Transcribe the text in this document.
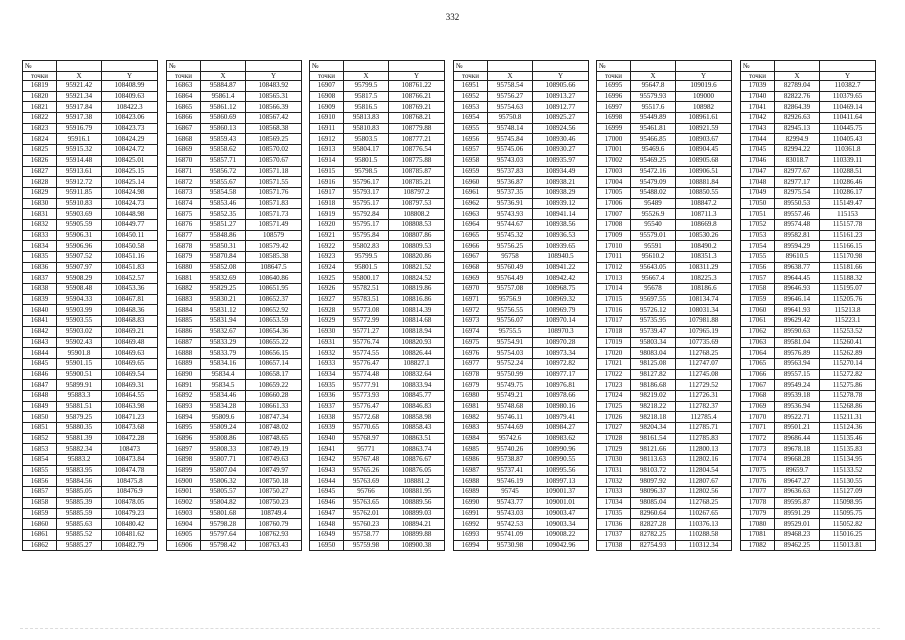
332
№		
точки	X	Y
16819	95921.42	108408.99
16820	95921.34	108409.63
16821	95917.84	108422.3
16822	95917.38	108423.06
16823	95916.79	108423.73
16824	95916.1	108424.29
16825	95915.32	108424.72
16826	95914.48	108425.01
16827	95913.61	108425.15
16828	95912.72	108425.14
16829	95911.85	108424.98
16830	95910.83	108424.73
16831	95903.69	108448.98
16832	95905.59	108449.77
16833	95906.31	108450.11
16834	95906.96	108450.58
16835	95907.52	108451.16
16836	95907.97	108451.83
16837	95908.29	108452.57
16838	95908.48	108453.36
16839	95904.33	108467.81
16840	95903.99	108468.36
16841	95903.55	108468.83
16842	95903.02	108469.21
16843	95902.43	108469.48
16844	95901.8	108469.63
16845	95901.15	108469.65
16846	95900.51	108469.54
16847	95899.91	108469.31
16848	95883.3	108464.55
16849	95881.51	108463.98
16850	95879.25	108471.23
16851	95880.35	108473.68
16852	95881.39	108472.28
16853	95882.34	108473
16854	95883.2	108473.84
16855	95883.95	108474.78
16856	95884.56	108475.8
16857	95885.05	108476.9
16858	95885.39	108478.05
16859	95885.59	108479.23
16860	95885.63	108480.42
16861	95885.52	108481.62
16862	95885.27	108482.79
№		
точки	X	Y
16863	95884.87	108483.92
16864	95861.4	108565.31
16865	95861.12	108566.39
16866	95860.69	108567.42
16867	95860.13	108568.38
16868	95859.43	108569.25
16869	95858.62	108570.02
16870	95857.71	108570.67
16871	95856.72	108571.18
16872	95855.67	108571.55
16873	95854.58	108571.76
16874	95853.46	108571.83
16875	95852.35	108571.73
16876	95851.27	108571.49
16877	95848.86	108579
16878	95850.31	108579.42
16879	95870.84	108585.38
16880	95852.08	108647.5
16881	95832.69	108640.86
16882	95829.25	108651.95
16883	95830.21	108652.37
16884	95831.12	108652.92
16885	95831.94	108653.59
16886	95832.67	108654.36
16887	95833.29	108655.22
16888	95833.79	108656.15
16889	95834.16	108657.14
16890	95834.4	108658.17
16891	95834.5	108659.22
16892	95834.46	108660.28
16893	95834.28	108661.33
16894	95809.6	108747.34
16895	95809.24	108748.02
16896	95808.86	108748.65
16897	95808.33	108749.19
16898	95807.71	108749.63
16899	95807.04	108749.97
16900	95806.32	108750.18
16901	95805.57	108750.27
16902	95804.82	108750.23
16903	95801.68	108749.4
16904	95798.28	108760.79
16905	95797.64	108762.93
16906	95798.42	108763.43
№		
точки	X	Y
16907	95799.5	108761.22
16908	95817.5	108766.21
16909	95816.5	108769.21
16910	95813.83	108768.21
16911	95810.83	108779.88
16912	95803.5	108777.21
16913	95804.17	108776.54
16914	95801.5	108775.88
16915	95798.5	108785.87
16916	95796.17	108785.21
16917	95793.17	108797.2
16918	95795.17	108797.53
16919	95792.84	108808.2
16920	95795.17	108808.53
16921	95795.84	108807.86
16922	95802.83	108809.53
16923	95799.5	108820.86
16924	95801.5	108821.52
16925	95800.17	108824.52
16926	95782.51	108819.86
16927	95783.51	108816.86
16928	95773.08	108814.39
16929	95772.99	108814.68
16930	95771.27	108818.94
16931	95776.74	108820.93
16932	95774.55	108826.44
16933	95776.47	108827.1
16934	95774.48	108832.64
16935	95777.91	108833.94
16936	95773.93	108845.77
16937	95776.47	108846.83
16938	95772.68	108858.98
16939	95770.65	108858.43
16940	95768.97	108863.51
16941	95771	108863.74
16942	95767.48	108876.67
16943	95765.26	108876.05
16944	95763.69	108881.2
16945	95766	108881.95
16946	95763.65	108889.56
16947	95762.01	108899.03
16948	95760.23	108894.21
16949	95758.77	108899.88
16950	95759.98	108900.38
№		
точки	X	Y
16951	95758.54	108905.66
16952	95756.27	108913.27
16953	95754.63	108912.77
16954	95750.8	108925.27
16955	95748.14	108924.56
16956	95745.84	108930.46
16957	95745.06	108930.27
16958	95743.03	108935.97
16959	95737.83	108934.49
16960	95736.87	108938.21
16961	95737.35	108938.29
16962	95736.91	108939.12
16963	95743.93	108941.14
16964	95744.67	108938.56
16965	95745.32	108936.53
16966	95756.25	108939.65
16967	95758	108940.5
16968	95760.49	108941.22
16969	95764.49	108942.42
16970	95757.08	108968.75
16971	95756.9	108969.32
16972	95756.55	108969.79
16973	95756.07	108970.14
16974	95755.5	108970.3
16975	95754.91	108970.28
16976	95754.03	108973.34
16977	95752.24	108972.82
16978	95750.99	108977.17
16979	95749.75	108976.81
16980	95749.21	108978.66
16981	95748.68	108980.16
16982	95746.11	108979.41
16983	95744.69	108984.27
16984	95742.6	108983.62
16985	95740.26	108990.96
16986	95738.87	108990.55
16987	95737.41	108995.56
16988	95746.19	108997.13
16989	95745	109001.37
16990	95743.77	109001.01
16991	95743.03	109003.47
16992	95742.53	109003.34
16993	95741.09	109008.22
16994	95730.98	109042.96
№		
точки	X	Y
16995	95647.8	109019.6
16996	95579.93	109000
16997	95517.6	108982
16998	95449.89	108961.61
16999	95461.81	108921.59
17000	95466.85	108903.67
17001	95469.6	108904.45
17002	95469.25	108905.68
17003	95472.16	108906.51
17004	95479.09	108881.84
17005	95488.02	108850.55
17006	95489	108847.2
17007	95526.9	108711.3
17008	95540	108669.8
17009	95579.01	108530.26
17010	95591	108490.2
17011	95610.2	108351.3
17012	95643.05	108311.29
17013	95667.4	108225.3
17014	95678	108186.6
17015	95697.55	108134.74
17016	95726.12	108031.34
17017	95735.95	107981.88
17018	95739.47	107965.19
17019	95803.34	107735.69
17020	98083.04	112768.25
17021	98125.08	112747.07
17022	98127.82	112745.08
17023	98186.68	112729.52
17024	98219.02	112726.31
17025	98218.22	112782.37
17026	98218.18	112785.4
17027	98204.34	112785.71
17028	98161.54	112785.83
17029	98121.66	112800.13
17030	98113.63	112802.16
17031	98103.72	112804.54
17032	98097.92	112807.67
17033	98096.37	112802.56
17034	98085.04	112768.25
17035	82960.64	110267.65
17036	82827.28	110376.13
17037	82782.25	110288.58
17038	82754.93	110312.34
№		
точки	X	Y
17039	82789.04	110382.7
17040	82822.76	110379.65
17041	82864.39	110469.14
17042	82926.63	110411.64
17043	82945.13	110445.75
17044	82994.9	110405.43
17045	82994.22	110361.8
17046	83018.7	110339.11
17047	82977.67	110288.51
17048	82977.17	110286.46
17049	82975.54	110286.17
17050	89550.53	115149.47
17051	89557.46	115153
17052	89574.48	115157.78
17053	89582.81	115161.23
17054	89594.29	115166.15
17055	89610.5	115170.98
17056	89638.77	115181.66
17057	89644.45	115188.32
17058	89646.93	115195.07
17059	89646.14	115205.76
17060	89641.93	115213.8
17061	89629.42	115223.1
17062	89590.63	115253.52
17063	89581.04	115260.41
17064	89576.89	115262.89
17065	89563.94	115270.14
17066	89557.15	115272.82
17067	89549.24	115275.86
17068	89539.18	115278.78
17069	89536.94	115268.86
17070	89522.71	115211.31
17071	89501.21	115124.36
17072	89686.44	115135.46
17073	89678.18	115135.83
17074	89668.28	115134.95
17075	89659.7	115133.52
17076	89647.27	115130.55
17077	89636.63	115127.09
17078	89595.87	115098.95
17079	89591.29	115095.75
17080	89529.01	115052.82
17081	89468.23	115016.25
17082	89462.25	115013.81
